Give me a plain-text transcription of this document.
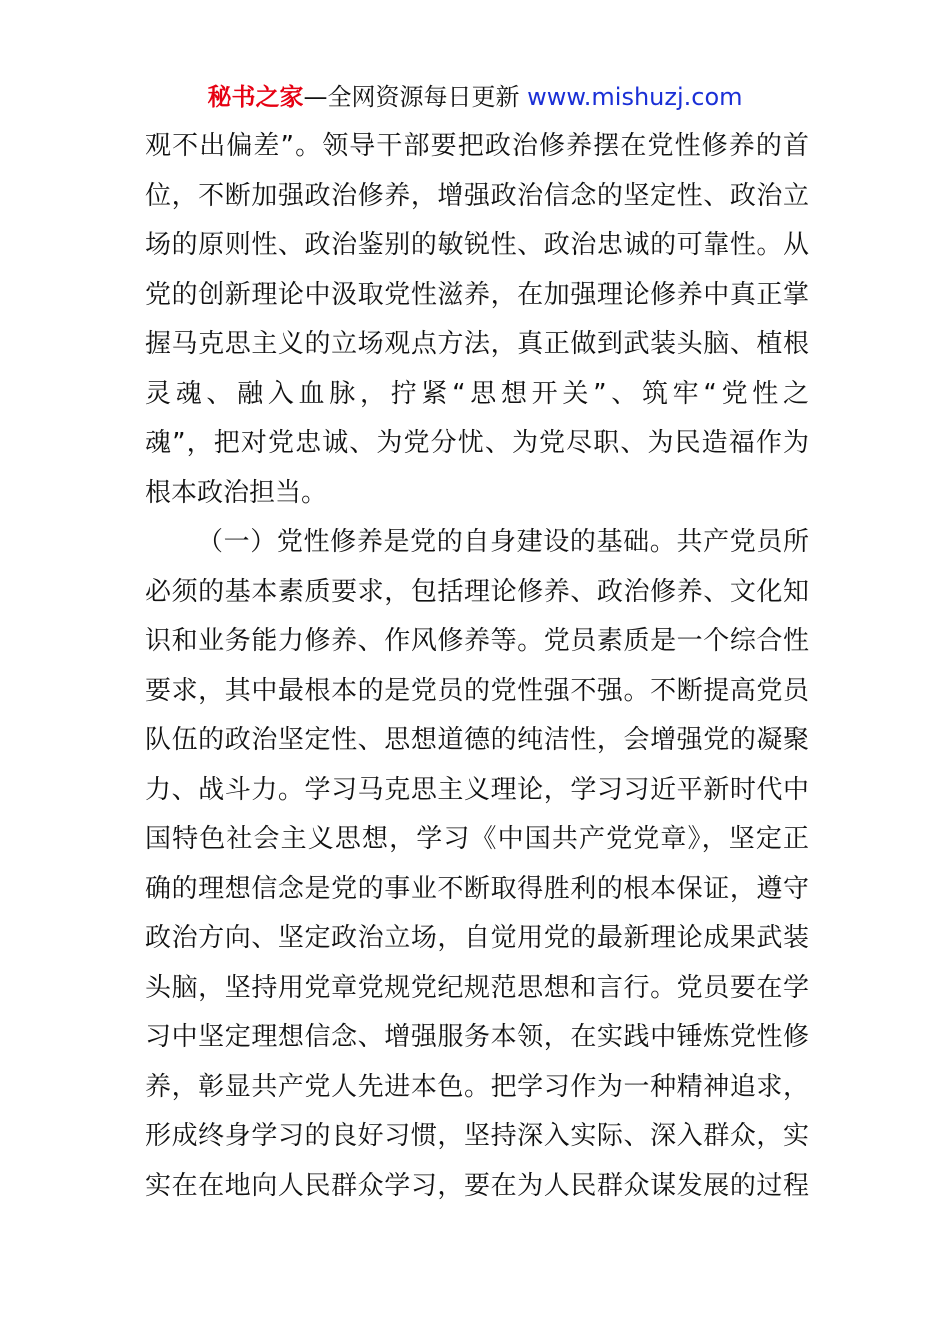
秘书之家—全网资源每日更新 www.mishuzj.com
观不出偏差”。领导干部要把政治修养摆在党性修养的首
位，不断加强政治修养，增强政治信念的坚定性、政治立
场的原则性、政治鉴别的敏锐性、政治忠诚的可靠性。从
党的创新理论中汲取党性滋养，在加强理论修养中真正掌
握马克思主义的立场观点方法，真正做到武装头脑、植根
灵魂、融入血脉，拧紧“思想开关”、筑牢“党性之
魂”，把对党忠诚、为党分忧、为党尽职、为民造福作为
根本政治担当。
（一）党性修养是党的自身建设的基础。共产党员所
必须的基本素质要求，包括理论修养、政治修养、文化知
识和业务能力修养、作风修养等。党员素质是一个综合性
要求，其中最根本的是党员的党性强不强。不断提高党员
队伍的政治坚定性、思想道德的纯洁性，会增强党的凝聚
力、战斗力。学习马克思主义理论，学习习近平新时代中
国特色社会主义思想，学习《中国共产党党章》，坚定正
确的理想信念是党的事业不断取得胜利的根本保证，遵守
政治方向、坚定政治立场，自觉用党的最新理论成果武装
头脑，坚持用党章党规党纪规范思想和言行。党员要在学
习中坚定理想信念、增强服务本领，在实践中锤炼党性修
养，彰显共产党人先进本色。把学习作为一种精神追求，
形成终身学习的良好习惯，坚持深入实际、深入群众，实
实在在地向人民群众学习，要在为人民群众谋发展的过程
